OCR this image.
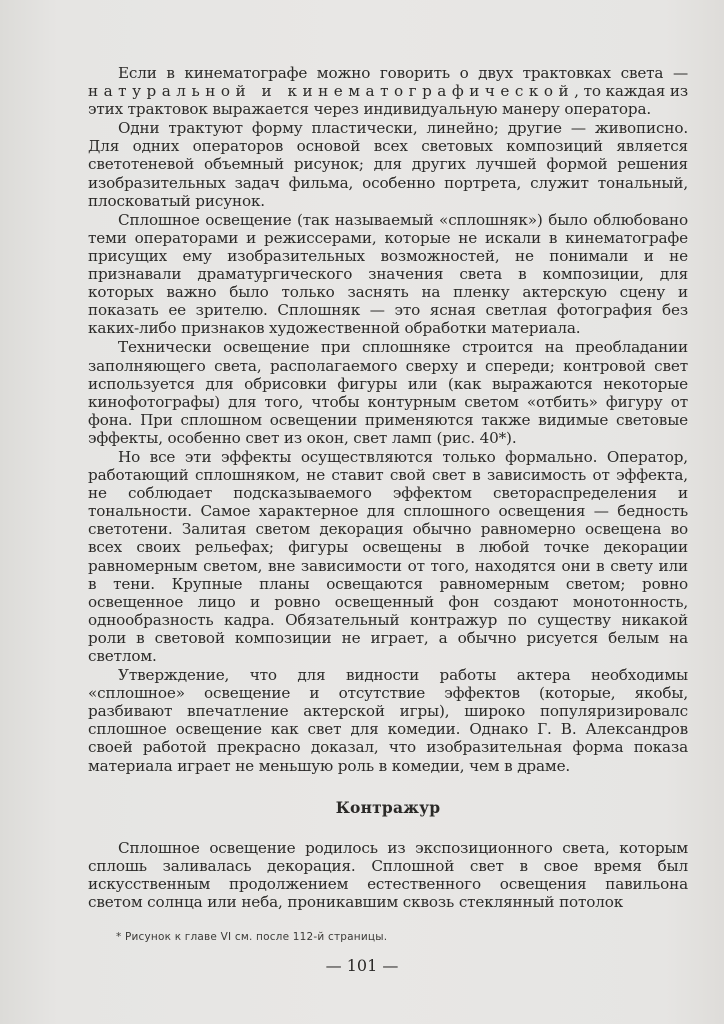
Если в кинематографе можно говорить о двух трактовках света — натуральной и кинематографической, то каждая из этих трактовок выражается через индивидуальную манеру оператора.

Одни трактуют форму пластически, линейно; другие — живописно. Для одних операторов основой всех световых композиций является светотеневой объемный рисунок; для других лучшей формой решения изобразительных задач фильма, особенно портрета, служит тональный, плосковатый рисунок.

Сплошное освещение (так называемый «сплошняк») было облюбовано теми операторами и режиссерами, которые не искали в кинематографе присущих ему изобразительных возможностей, не понимали и не признавали драматургического значения света в композиции, для которых важно было только заснять на пленку актерскую сцену и показать ее зрителю. Сплошняк — это ясная светлая фотография без каких-либо признаков художественной обработки материала.

Технически освещение при сплошняке строится на преобладании заполняющего света, располагаемого сверху и спереди; контровой свет используется для обрисовки фигуры или (как выражаются некоторые кинофотографы) для того, чтобы контурным светом «отбить» фигуру от фона. При сплошном освещении применяются также видимые световые эффекты, особенно свет из окон, свет ламп (рис. 40*).

Но все эти эффекты осуществляются только формально. Оператор, работающий сплошняком, не ставит свой свет в зависимость от эффекта, не соблюдает подсказываемого эффектом светораспределения и тональности. Самое характерное для сплошного освещения — бедность светотени. Залитая светом декорация обычно равномерно освещена во всех своих рельефах; фигуры освещены в любой точке декорации равномерным светом, вне зависимости от того, находятся они в свету или в тени. Крупные планы освещаются равномерным светом; ровно освещенное лицо и ровно освещенный фон создают монотонность, однообразность кадра. Обязательный контражур по существу никакой роли в световой композиции не играет, а обычно рисуется белым на светлом.

Утверждение, что для видности работы актера необходимы «сплошное» освещение и отсутствие эффектов (которые, якобы, разбивают впечатление актерской игры), широко популяризировалс сплошное освещение как свет для комедии. Однако Г. В. Александров своей работой прекрасно доказал, что изобразительная форма показа материала играет не меньшую роль в комедии, чем в драме.

Контражур

Сплошное освещение родилось из экспозиционного света, которым сплошь заливалась декорация. Сплошной свет в свое время был искусственным продолжением естественного освещения павильона светом солнца или неба, проникавшим сквозь стеклянный потолок

* Рисунок к главе VI см. после 112-й страницы.
— 101 —
